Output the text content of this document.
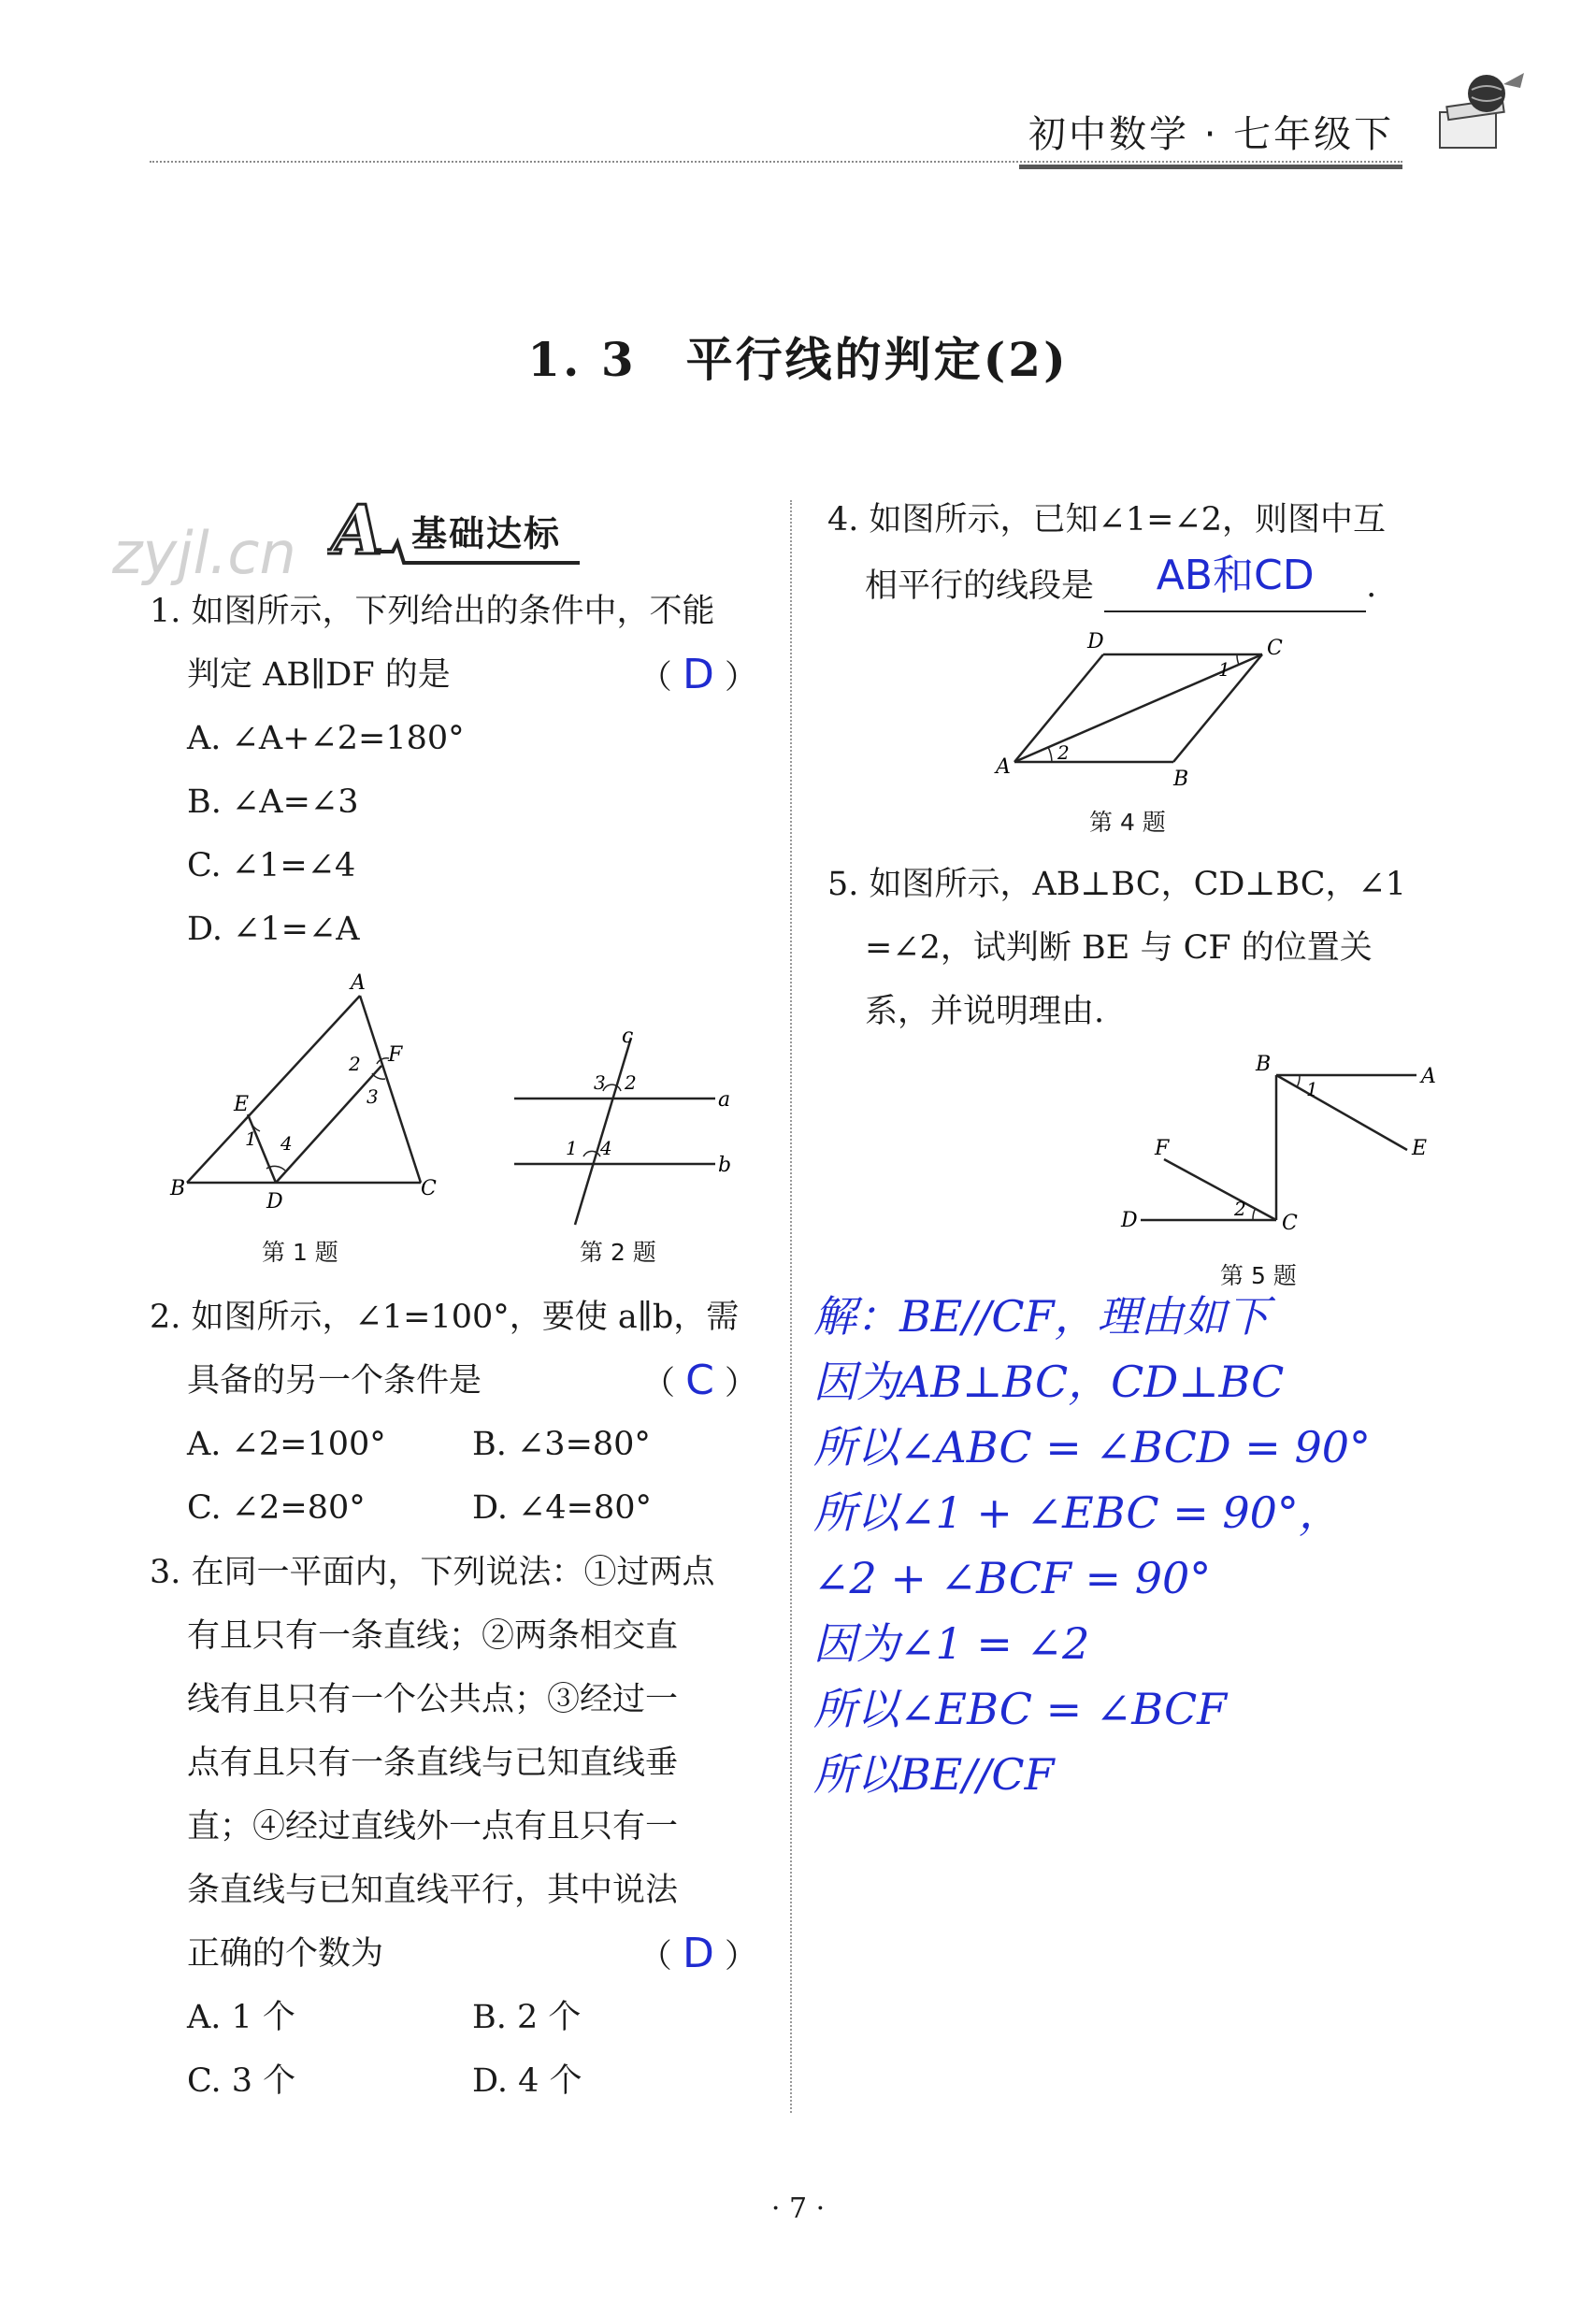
初中数学 · 七年级下
1. 3　平行线的判定(2)
zyjl.cn A 基础达标

1. 如图所示，下列给出的条件中，不能

判定 AB∥DF 的是	（ D ）

A. ∠A+∠2=180°

B. ∠A=∠3

C. ∠1=∠4

D. ∠1=∠A

A
B	C
D
E
F
1
2
3
4
第 1 题
c
a
b
3 2
1 4
第 2 题

2. 如图所示，∠1=100°，要使 a∥b，需

具备的另一个条件是	（ C ）

A. ∠2=100°	B. ∠3=80°

C. ∠2=80°	D. ∠4=80°

3. 在同一平面内，下列说法：①过两点

有且只有一条直线；②两条相交直

线有且只有一个公共点；③经过一

点有且只有一条直线与已知直线垂

直；④经过直线外一点有且只有一

条直线与已知直线平行，其中说法

正确的个数为	（ D ）

A. 1 个	B. 2 个

C. 3 个	D. 4 个

4. 如图所示，已知∠1=∠2，则图中互

相平行的线段是 AB和CD .

A
B
C
D
2
1
第 4 题

5. 如图所示，AB⊥BC，CD⊥BC，∠1

=∠2，试判断 BE 与 CF 的位置关

系，并说明理由.

A
B
C
D
E
F
1
2
第 5 题
解：BE//CF，理由如下
因为AB⊥BC，CD⊥BC
所以∠ABC = ∠BCD = 90°
所以∠1 + ∠EBC = 90°，
∠2 + ∠BCF = 90°
因为∠1 = ∠2
所以∠EBC = ∠BCF
所以BE//CF
· 7 ·
